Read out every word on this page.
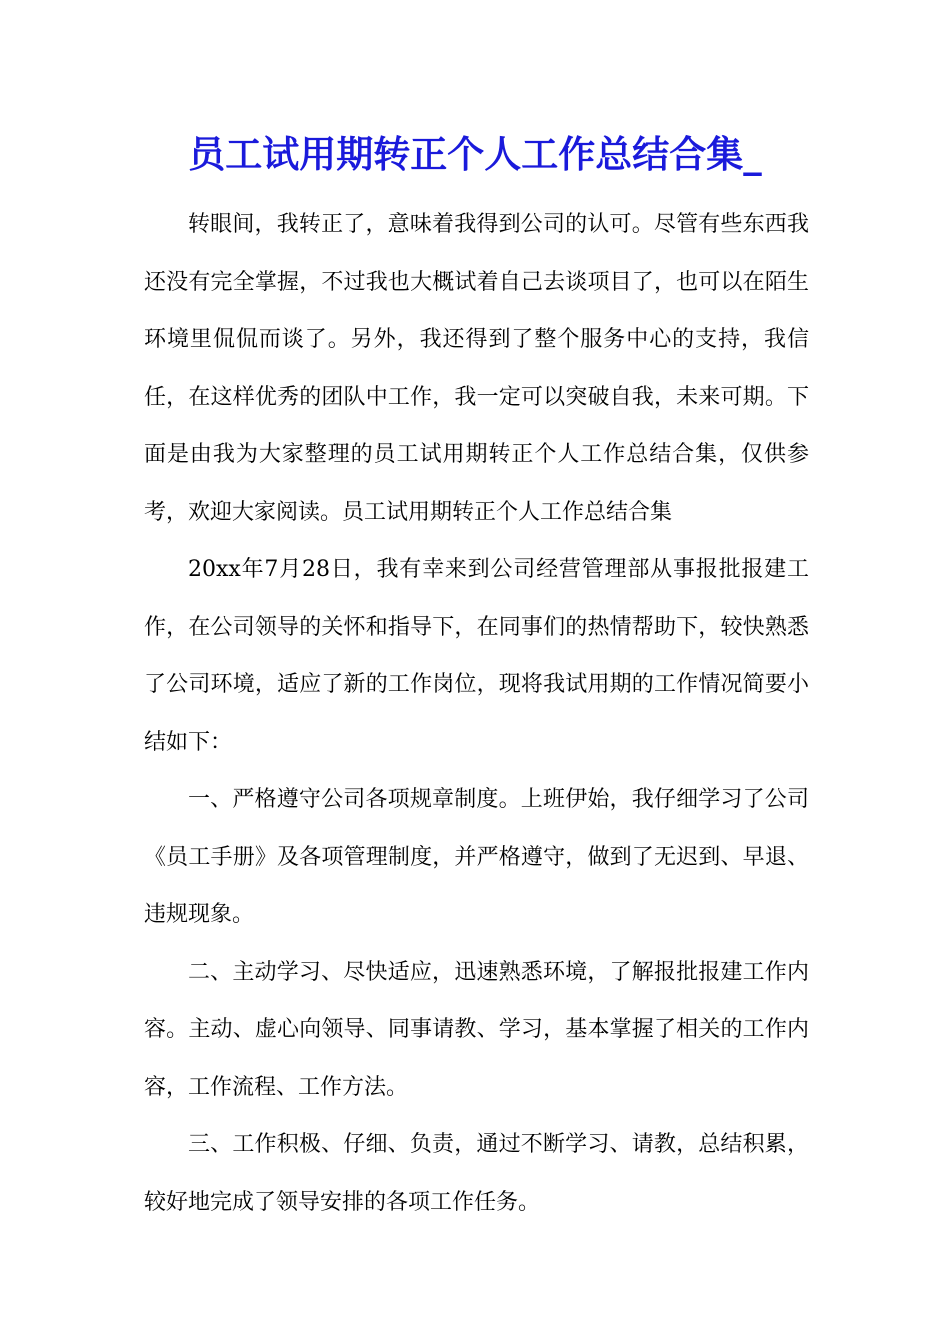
员工试用期转正个人工作总结合集_

转眼间，我转正了，意味着我得到公司的认可。尽管有些东西我还没有完全掌握，不过我也大概试着自己去谈项目了，也可以在陌生环境里侃侃而谈了。另外，我还得到了整个服务中心的支持，我信任，在这样优秀的团队中工作，我一定可以突破自我，未来可期。下面是由我为大家整理的员工试用期转正个人工作总结合集，仅供参考，欢迎大家阅读。员工试用期转正个人工作总结合集

20xx年7月28日，我有幸来到公司经营管理部从事报批报建工作，在公司领导的关怀和指导下，在同事们的热情帮助下，较快熟悉了公司环境，适应了新的工作岗位，现将我试用期的工作情况简要小结如下：

一、严格遵守公司各项规章制度。上班伊始，我仔细学习了公司《员工手册》及各项管理制度，并严格遵守，做到了无迟到、早退、违规现象。

二、主动学习、尽快适应，迅速熟悉环境，了解报批报建工作内容。主动、虚心向领导、同事请教、学习，基本掌握了相关的工作内容，工作流程、工作方法。

三、工作积极、仔细、负责，通过不断学习、请教，总结积累，较好地完成了领导安排的各项工作任务。
